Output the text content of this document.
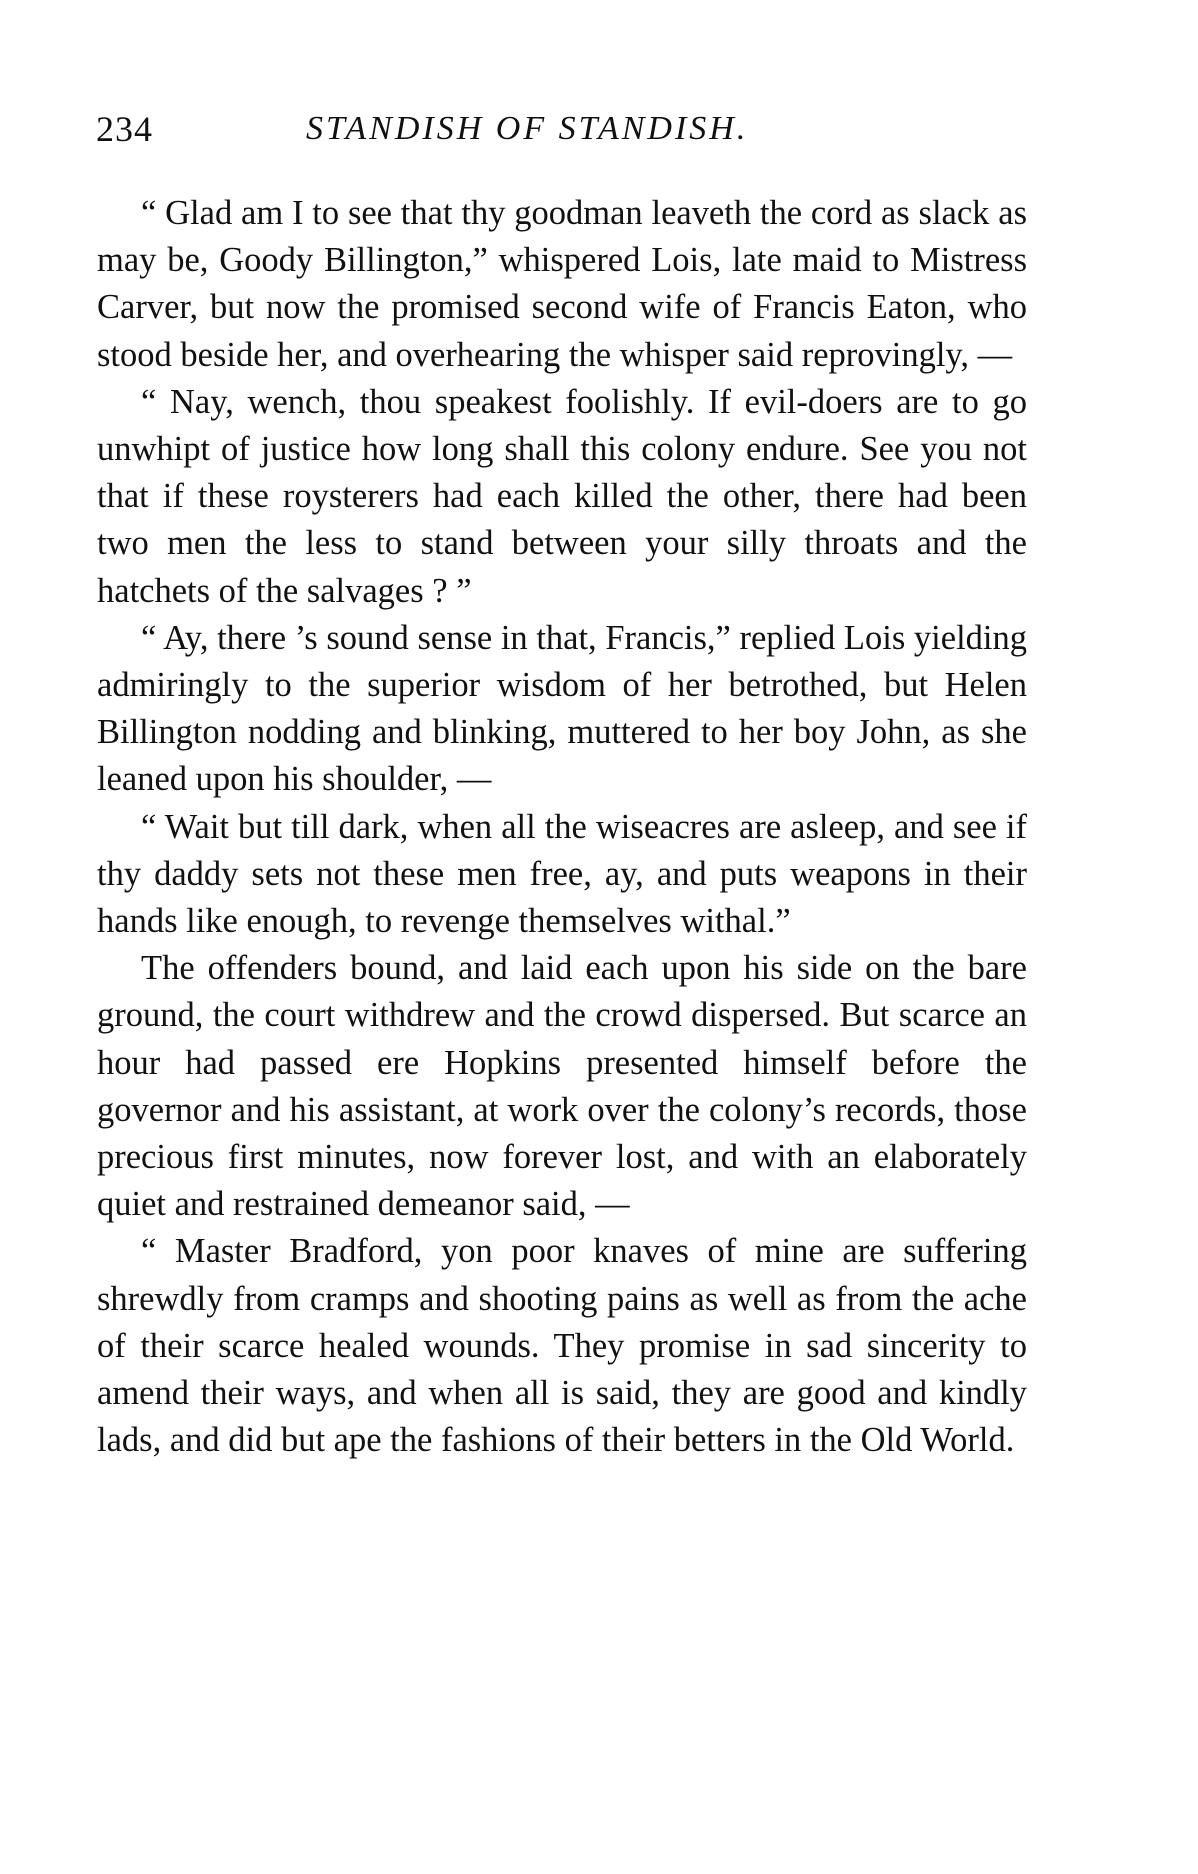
234	STANDISH OF STANDISH.

“ Glad am I to see that thy goodman leaveth the cord as slack as may be, Goody Billington,” whispered Lois, late maid to Mistress Carver, but now the promised second wife of Francis Eaton, who stood beside her, and overhearing the whisper said reprovingly, —

“ Nay, wench, thou speakest foolishly. If evil-doers are to go unwhipt of justice how long shall this colony endure. See you not that if these roysterers had each killed the other, there had been two men the less to stand between your silly throats and the hatchets of the salvages ? ”

“ Ay, there ’s sound sense in that, Francis,” replied Lois yielding admiringly to the superior wisdom of her betrothed, but Helen Billington nodding and blinking, muttered to her boy John, as she leaned upon his shoulder, —

“ Wait but till dark, when all the wiseacres are asleep, and see if thy daddy sets not these men free, ay, and puts weapons in their hands like enough, to revenge themselves withal.”

The offenders bound, and laid each upon his side on the bare ground, the court withdrew and the crowd dispersed. But scarce an hour had passed ere Hopkins presented himself before the governor and his assistant, at work over the colony’s records, those precious first minutes, now forever lost, and with an elaborately quiet and restrained demeanor said, —

“ Master Bradford, yon poor knaves of mine are suffering shrewdly from cramps and shooting pains as well as from the ache of their scarce healed wounds. They promise in sad sincerity to amend their ways, and when all is said, they are good and kindly lads, and did but ape the fashions of their betters in the Old World.
